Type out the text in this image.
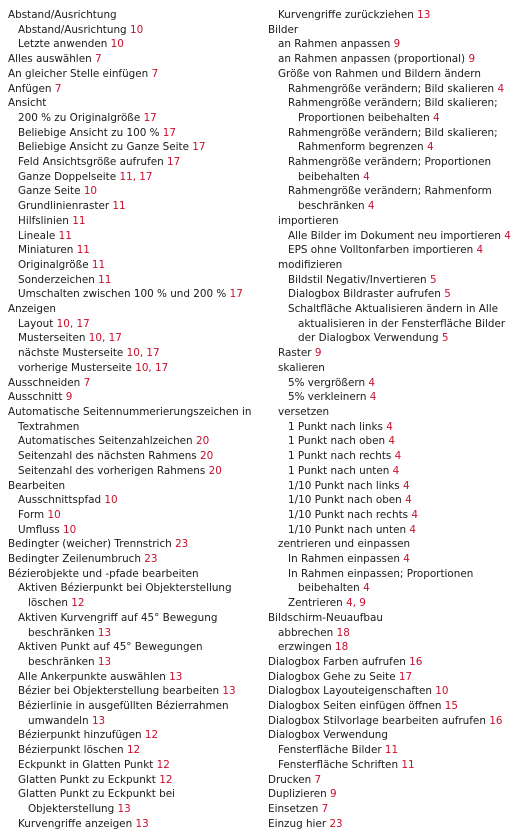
Abstand/Ausrichtung
Abstand/Ausrichtung 10
Letzte anwenden 10
Alles auswählen 7
An gleicher Stelle einfügen 7
Anfügen 7
Ansicht
200 % zu Originalgröße 17
Beliebige Ansicht zu 100 % 17
Beliebige Ansicht zu Ganze Seite 17
Feld Ansichtsgröße aufrufen 17
Ganze Doppelseite 11, 17
Ganze Seite 10
Grundlinienraster 11
Hilfslinien 11
Lineale 11
Miniaturen 11
Originalgröße 11
Sonderzeichen 11
Umschalten zwischen 100 % und 200 % 17
Anzeigen
Layout 10, 17
Musterseiten 10, 17
nächste Musterseite 10, 17
vorherige Musterseite 10, 17
Ausschneiden 7
Ausschnitt 9
Automatische Seitennummerierungszeichen in Textrahmen
Automatisches Seitenzahlzeichen 20
Seitenzahl des nächsten Rahmens 20
Seitenzahl des vorherigen Rahmens 20
Bearbeiten
Ausschnittspfad 10
Form 10
Umfluss 10
Bedingter (weicher) Trennstrich 23
Bedingter Zeilenumbruch 23
Bézierobjekte und -pfade bearbeiten
Aktiven Bézierpunkt bei Objekterstellung löschen 12
Aktiven Kurvengriff auf 45° Bewegung beschränken 13
Aktiven Punkt auf 45° Bewegungen beschränken 13
Alle Ankerpunkte auswählen 13
Bézier bei Objekterstellung bearbeiten 13
Bézierlinie in ausgefüllten Bézierrahmen umwandeln 13
Bézierpunkt hinzufügen 12
Bézierpunkt löschen 12
Eckpunkt in Glatten Punkt 12
Glatten Punkt zu Eckpunkt 12
Glatten Punkt zu Eckpunkt bei Objekterstellung 13
Kurvengriffe anzeigen 13
Kurvengriffe zurückziehen 13
Bilder
an Rahmen anpassen 9
an Rahmen anpassen (proportional) 9
Größe von Rahmen und Bildern ändern
Rahmengröße verändern; Bild skalieren 4
Rahmengröße verändern; Bild skalieren; Proportionen beibehalten 4
Rahmengröße verändern; Bild skalieren; Rahmenform begrenzen 4
Rahmengröße verändern; Proportionen beibehalten 4
Rahmengröße verändern; Rahmenform beschränken 4
importieren
Alle Bilder im Dokument neu importieren 4
EPS ohne Volltonfarben importieren 4
modifizieren
Bildstil Negativ/Invertieren 5
Dialogbox Bildraster aufrufen 5
Schaltfläche Aktualisieren ändern in Alle aktualisieren in der Fensterfläche Bilder der Dialogbox Verwendung 5
Raster 9
skalieren
5% vergrößern 4
5% verkleinern 4
versetzen
1 Punkt nach links 4
1 Punkt nach oben 4
1 Punkt nach rechts 4
1 Punkt nach unten 4
1/10 Punkt nach links 4
1/10 Punkt nach oben 4
1/10 Punkt nach rechts 4
1/10 Punkt nach unten 4
zentrieren und einpassen
In Rahmen einpassen 4
In Rahmen einpassen; Proportionen beibehalten 4
Zentrieren 4, 9
Bildschirm-Neuaufbau
abbrechen 18
erzwingen 18
Dialogbox Farben aufrufen 16
Dialogbox Gehe zu Seite 17
Dialogbox Layouteigenschaften 10
Dialogbox Seiten einfügen öffnen 15
Dialogbox Stilvorlage bearbeiten aufrufen 16
Dialogbox Verwendung
Fensterfläche Bilder 11
Fensterfläche Schriften 11
Drucken 7
Duplizieren 9
Einsetzen 7
Einzug hier 23
